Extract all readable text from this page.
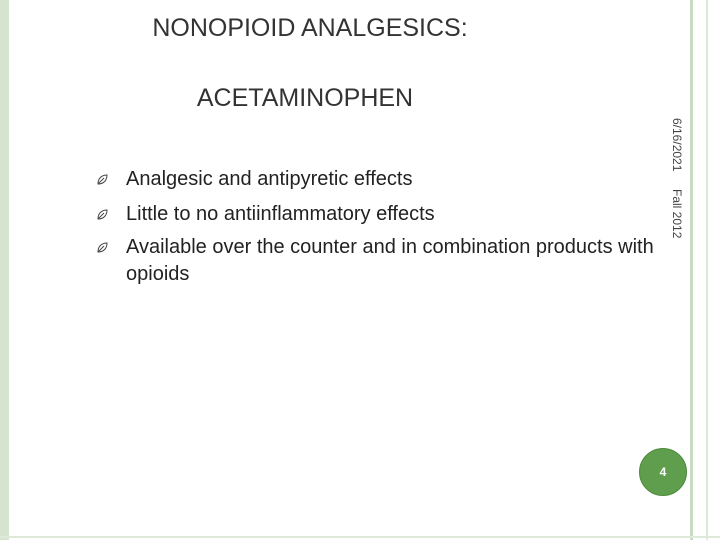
NONOPIOID ANALGESICS:
ACETAMINOPHEN
Analgesic and antipyretic effects
Little to no antiinflammatory effects
Available over the counter and in combination products with opioids
6/16/2021
Fall 2012
4
